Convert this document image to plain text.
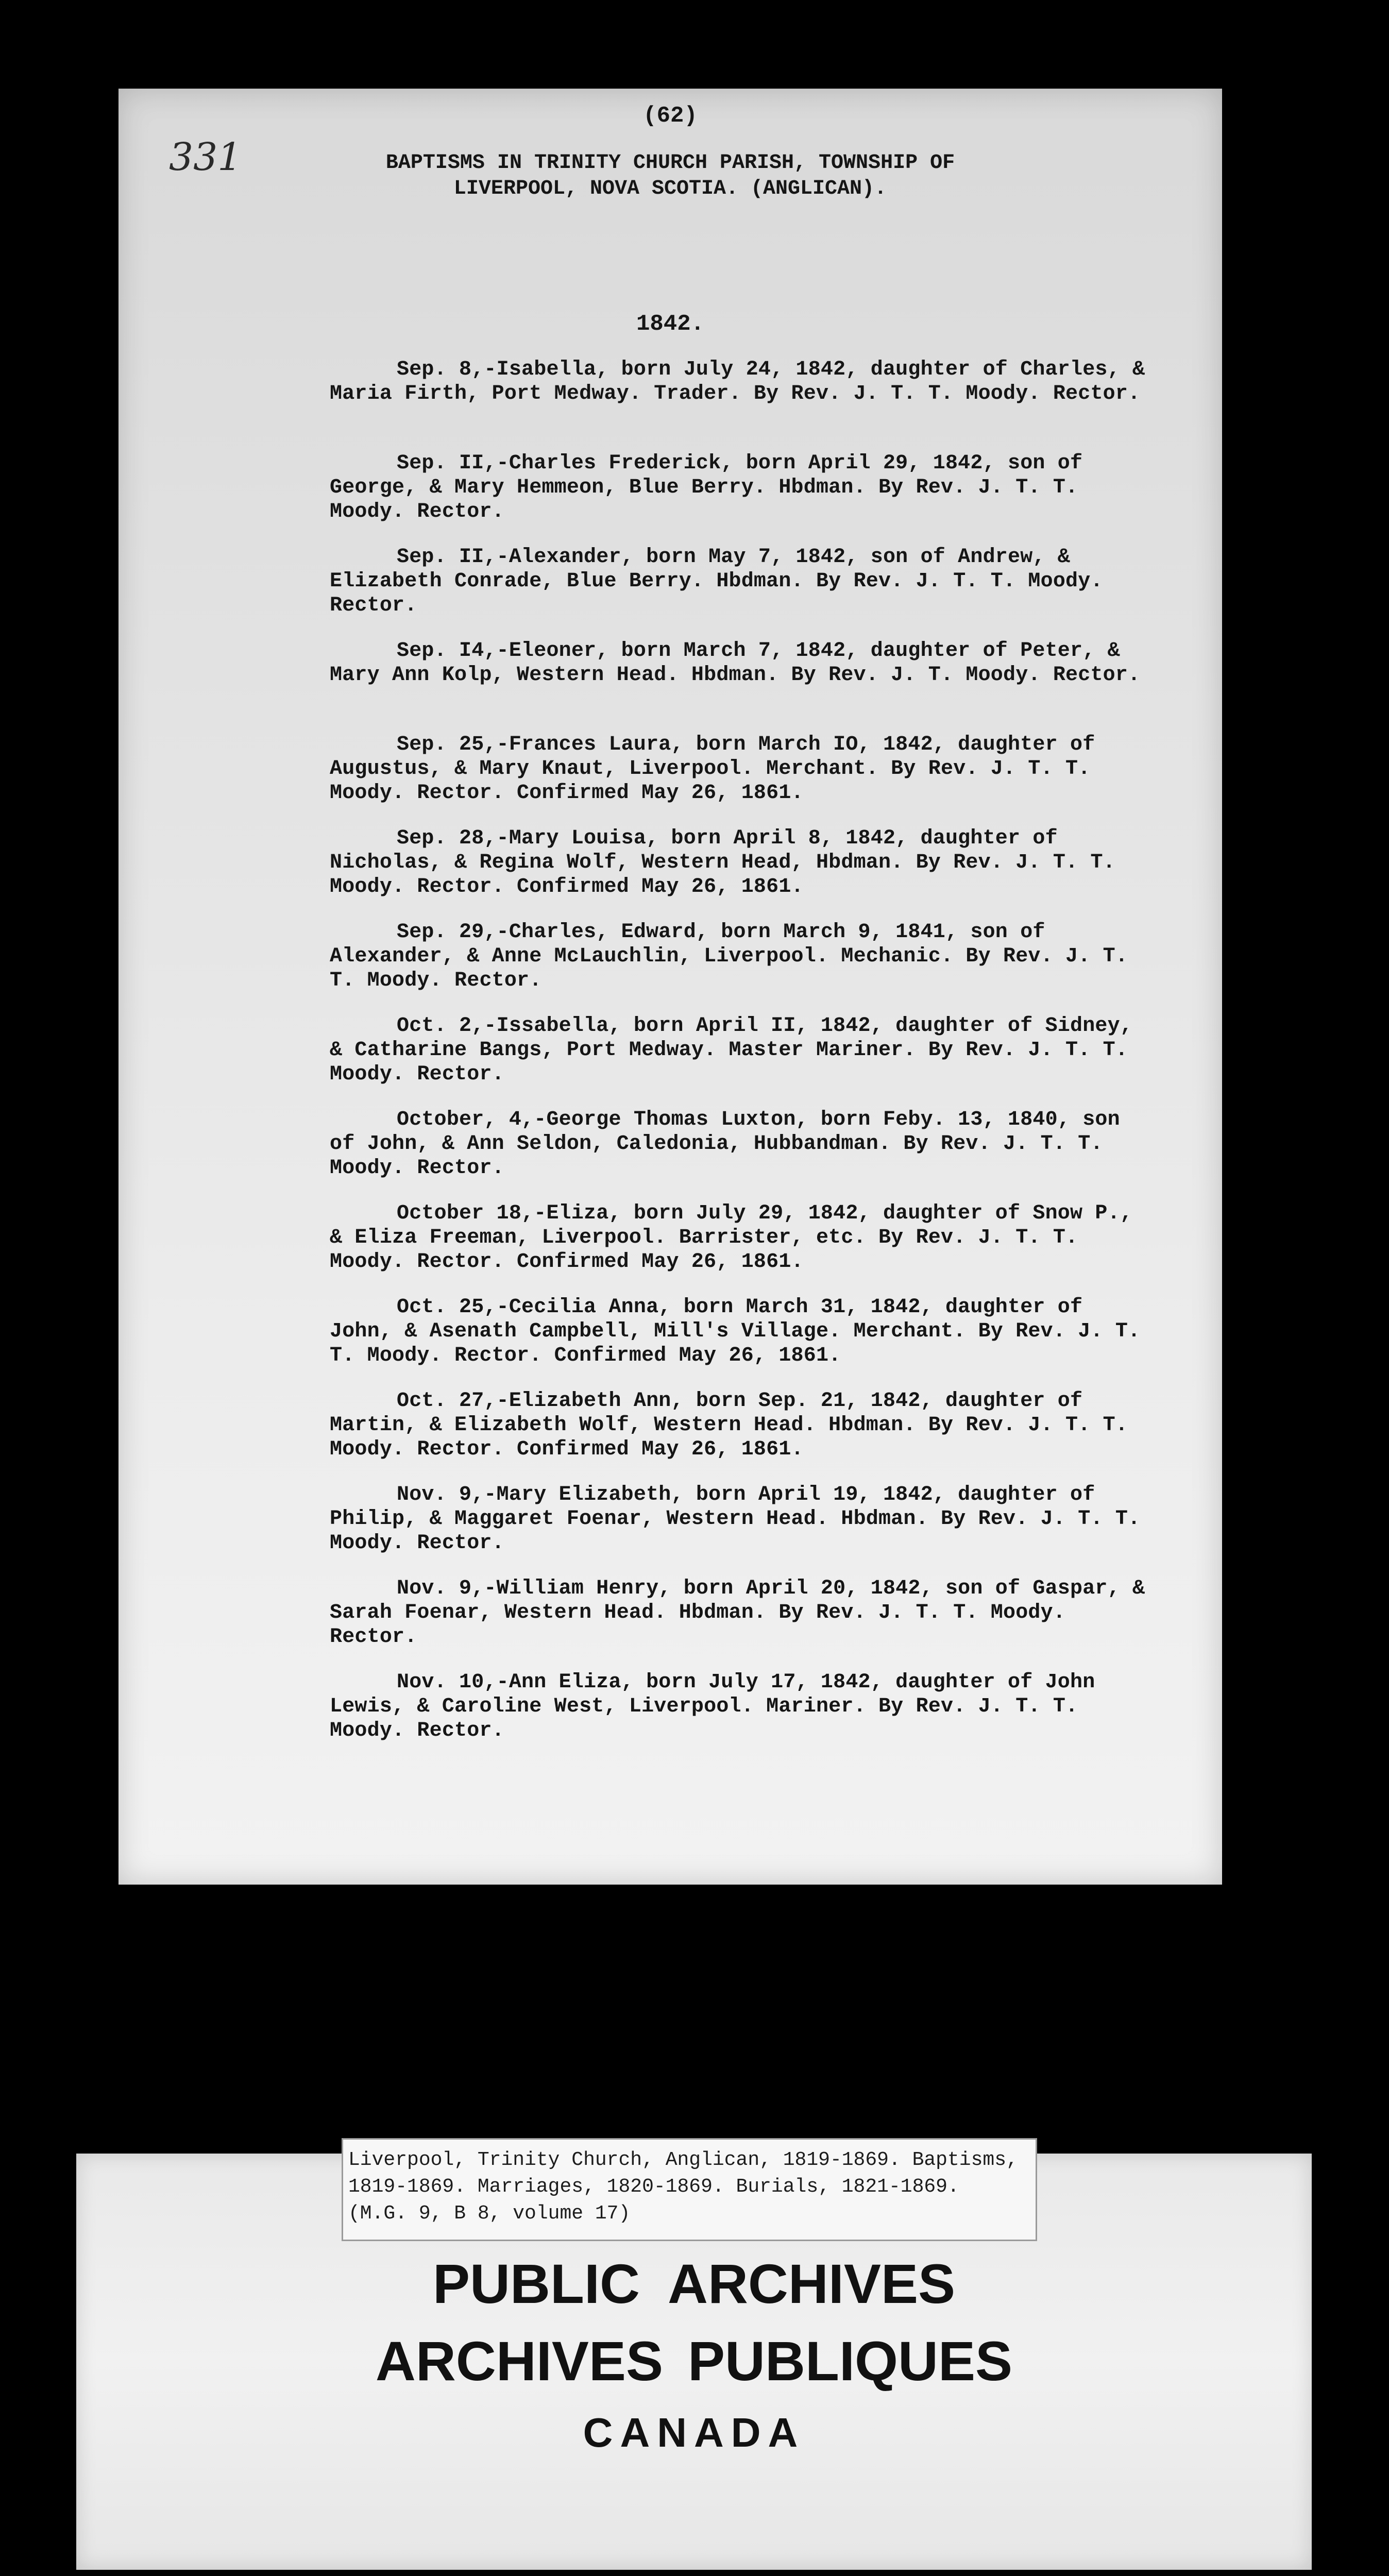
331

(62)

BAPTISMS IN TRINITY CHURCH PARISH, TOWNSHIP OF
LIVERPOOL, NOVA SCOTIA. (ANGLICAN).

1842.

Sep. 8,-Isabella, born July 24, 1842, daughter of Charles, & Maria Firth, Port Medway. Trader. By Rev. J. T. T. Moody. Rector.

Sep. II,-Charles Frederick, born April 29, 1842, son of George, & Mary Hemmeon, Blue Berry. Hbdman. By Rev. J. T. T. Moody. Rector.

Sep. II,-Alexander, born May 7, 1842, son of Andrew, & Elizabeth Conrade, Blue Berry. Hbdman. By Rev. J. T. T. Moody. Rector.

Sep. I4,-Eleoner, born March 7, 1842, daughter of Peter, & Mary Ann Kolp, Western Head. Hbdman. By Rev. J. T. Moody. Rector.

Sep. 25,-Frances Laura, born March IO, 1842, daughter of Augustus, & Mary Knaut, Liverpool. Merchant. By Rev. J. T. T. Moody. Rector. Confirmed May 26, 1861.

Sep. 28,-Mary Louisa, born April 8, 1842, daughter of Nicholas, & Regina Wolf, Western Head, Hbdman. By Rev. J. T. T. Moody. Rector. Confirmed May 26, 1861.

Sep. 29,-Charles, Edward, born March 9, 1841, son of Alexander, & Anne McLauchlin, Liverpool. Mechanic. By Rev. J. T. T. Moody. Rector.

Oct. 2,-Issabella, born April II, 1842, daughter of Sidney, & Catharine Bangs, Port Medway. Master Mariner. By Rev. J. T. T. Moody. Rector.

October, 4,-George Thomas Luxton, born Feby. 13, 1840, son of John, & Ann Seldon, Caledonia, Hubbandman. By Rev. J. T. T. Moody. Rector.

October 18,-Eliza, born July 29, 1842, daughter of Snow P., & Eliza Freeman, Liverpool. Barrister, etc. By Rev. J. T. T. Moody. Rector. Confirmed May 26, 1861.

Oct. 25,-Cecilia Anna, born March 31, 1842, daughter of John, & Asenath Campbell, Mill's Village. Merchant. By Rev. J. T. T. Moody. Rector. Confirmed May 26, 1861.

Oct. 27,-Elizabeth Ann, born Sep. 21, 1842, daughter of Martin, & Elizabeth Wolf, Western Head. Hbdman. By Rev. J. T. T. Moody. Rector. Confirmed May 26, 1861.

Nov. 9,-Mary Elizabeth, born April 19, 1842, daughter of Philip, & Maggaret Foenar, Western Head. Hbdman. By Rev. J. T. T. Moody. Rector.

Nov. 9,-William Henry, born April 20, 1842, son of Gaspar, & Sarah Foenar, Western Head. Hbdman. By Rev. J. T. T. Moody. Rector.

Nov. 10,-Ann Eliza, born July 17, 1842, daughter of John Lewis, & Caroline West, Liverpool. Mariner. By Rev. J. T. T. Moody. Rector.

Liverpool, Trinity Church, Anglican, 1819-1869. Baptisms,

1819-1869. Marriages, 1820-1869. Burials, 1821-1869.

(M.G. 9, B 8, volume 17)

PUBLIC ARCHIVES

ARCHIVES PUBLIQUES

CANADA
